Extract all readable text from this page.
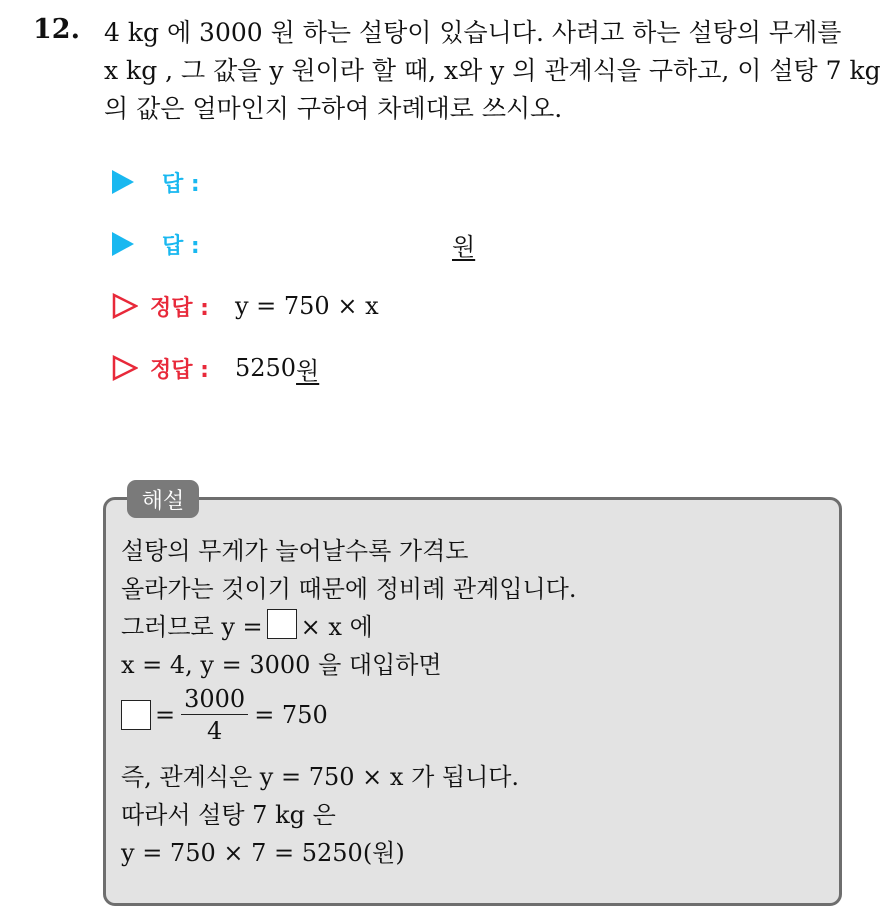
12. 4 kg 에 3000 원 하는 설탕이 있습니다. 사려고 하는 설탕의 무게를
x kg , 그 값을 y 원이라 할 때, x와 y 의 관계식을 구하고, 이 설탕 7 kg
의 값은 얼마인지 구하여 차례대로 쓰시오.
답 :
답 :	원
정답 : y = 750 × x
정답 : 5250 원
해설
설탕의 무게가 늘어날수록 가격도
올라가는 것이기 때문에 정비례 관계입니다.
그러므로 y = × x 에
x = 4, y = 3000 을 대입하면
= $\frac{3000}{4} = 750$
즉, 관계식은 y = 750 × x 가 됩니다.
따라서 설탕 7 kg 은
y = 750 × 7 = 5250(원)
